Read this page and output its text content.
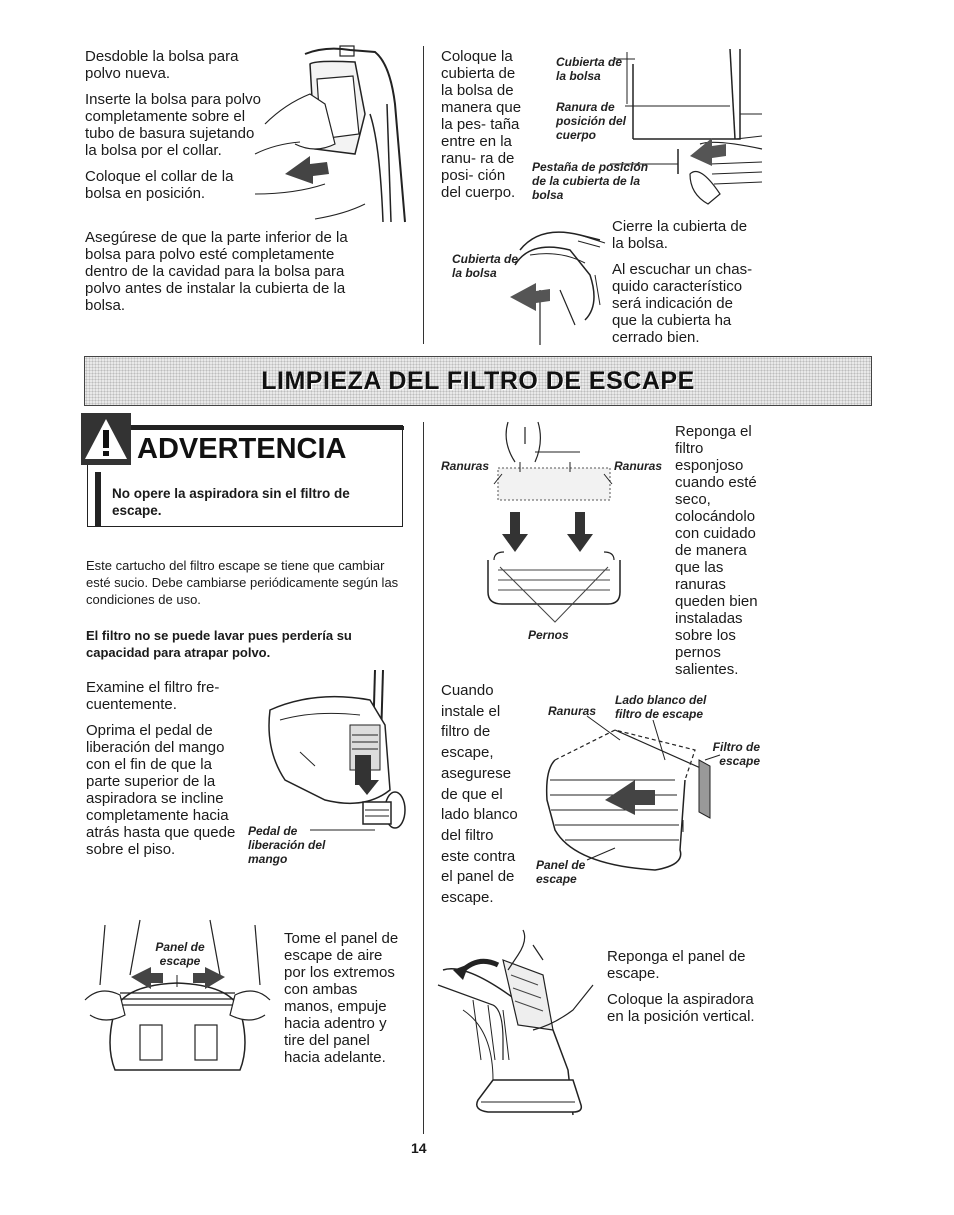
Desdoble la bolsa para polvo nueva.

Inserte la bolsa para polvo completamente sobre el tubo de basura sujetando la bolsa por el collar.

Coloque el collar de la bolsa en posición.

Asegúrese de que la parte inferior de la bolsa para polvo esté completamente dentro de la cavidad para la bolsa para polvo antes de instalar la cubierta de la bolsa.

Coloque la cubierta de la bolsa de manera que la pes- taña entre en la ranu- ra de posi- ción del cuerpo.
Cubierta de la bolsa
Ranura de posición del cuerpo
Pestaña de posición de la cubierta de la bolsa
Cubierta de la bolsa

Cierre la cubierta de la bolsa.

Al escuchar un chas- quido característico será indicación de que la cubierta ha cerrado bien.

LIMPIEZA DEL FILTRO DE ESCAPE
ADVERTENCIA
No opere la aspiradora sin el filtro de escape.
Este cartucho del filtro escape se tiene que cambiar esté sucio. Debe cambiarse periódicamente según las condiciones de uso.
El filtro no se puede lavar pues perdería su capacidad para atrapar polvo.

Examine el filtro fre- cuentemente.

Oprima el pedal de liberación del mango con el fin de que la parte superior de la aspiradora se incline completamente hacia atrás hasta que quede sobre el piso.

Pedal de liberación del mango
Ranuras	Ranuras
Pernos
Reponga el filtro esponjoso cuando esté seco, colocándolo con cuidado de manera que las ranuras queden bien instaladas sobre los pernos salientes.
Cuando instale el filtro de escape, asegurese de que el lado blanco del filtro este contra el panel de escape.
Ranuras
Lado blanco del filtro de escape
Filtro de escape
Panel de escape
Panel de escape
Tome el panel de escape de aire por los extremos con ambas manos, empuje hacia adentro y tire del panel hacia adelante.

Reponga el panel de escape.

Coloque la aspiradora en la posición vertical.

14
